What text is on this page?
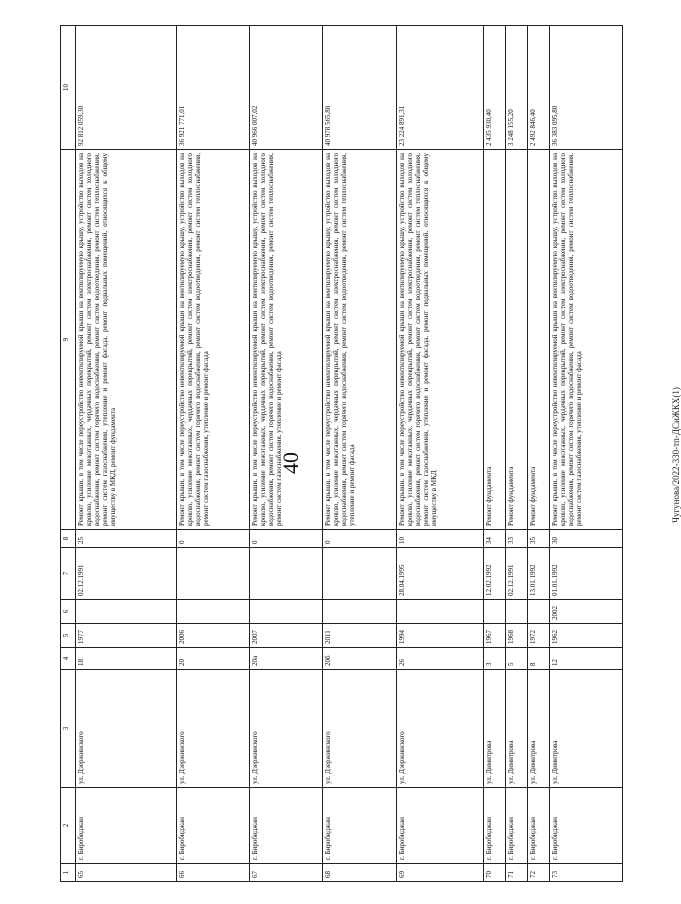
40	Чугунова/2022-330-тп-ДСиЖКХ(1)
1	2	3	4	5	6	7	8	9	10
65	г. Биробиджан	ул. Дзержинского	18	1977		02.12.1991	25	Ремонт крыши, в том числе переустройство невентилируемой крыши на вентилируемую крышу, устройство выходов на кровлю, усиление межэтажных, чердачных перекрытий, ремонт систем электроснабжения, ремонт систем холодного водоснабжения, ремонт систем горячего водоснабжения, ремонт систем водоотведения, ремонт систем теплоснабжения, ремонт систем газоснабжения, утепление и ремонт фасада, ремонт подвальных помещений, относящихся к общему имуществу в МКД, ремонт фундамента	92 812 059,30
66	г. Биробиджан	ул. Дзержинского	20	2006			0	Ремонт крыши, в том числе переустройство невентилируемой крыши на вентилируемую крышу, устройство выходов на кровлю, усиление межэтажных, чердачных перекрытий, ремонт систем электроснабжения, ремонт систем холодного водоснабжения, ремонт систем горячего водоснабжения, ремонт систем водоотведения, ремонт систем теплоснабжения, ремонт систем газоснабжения, утепление и ремонт фасада	36 921 771,01
67	г. Биробиджан	ул. Дзержинского	20а	2007			0	Ремонт крыши, в том числе переустройство невентилируемой крыши на вентилируемую крышу, устройство выходов на кровлю, усиление межэтажных, чердачных перекрытий, ремонт систем электроснабжения, ремонт систем холодного водоснабжения, ремонт систем горячего водоснабжения, ремонт систем водоотведения, ремонт систем теплоснабжения, ремонт систем газоснабжения, утепление и ремонт фасада	40 966 007,02
68	г. Биробиджан	ул. Дзержинского	20б	2011			0	Ремонт крыши, в том числе переустройство невентилируемой крыши на вентилируемую крышу, устройство выходов на кровлю, усиление межэтажных, чердачных перекрытий, ремонт систем электроснабжения, ремонт систем холодного водоснабжения, ремонт систем горячего водоснабжения, ремонт систем водоотведения, ремонт систем теплоснабжения, утепление и ремонт фасада	40 978 565,80
69	г. Биробиджан	ул. Дзержинского	26	1994		28.04.1995	10	Ремонт крыши, в том числе переустройство невентилируемой крыши на вентилируемую крышу, устройство выходов на кровлю, усиление межэтажных, чердачных перекрытий, ремонт систем электроснабжения, ремонт систем холодного водоснабжения, ремонт систем горячего водоснабжения, ремонт систем водоотведения, ремонт систем теплоснабжения, ремонт систем газоснабжения, утепление и ремонт фасада, ремонт подвальных помещений, относящихся к общему имуществу в МКД	23 224 891,31
70	г. Биробиджан	ул. Димитрова	3	1967		12.02.1992	34	Ремонт фундамента	2 435 930,40
71	г. Биробиджан	ул. Димитрова	5	1968		02.12.1991	33	Ремонт фундамента	3 248 155,20
72	г. Биробиджан	ул. Димитрова	8	1972		13.01.1992	35	Ремонт фундамента	2 492 846,40
73	г. Биробиджан	ул. Димитрова	12	1962	2002	01.01.1992	30	Ремонт крыши, в том числе переустройство невентилируемой крыши на вентилируемую крышу, устройство выходов на кровлю, усиление межэтажных, чердачных перекрытий, ремонт систем электроснабжения, ремонт систем холодного водоснабжения, ремонт систем горячего водоснабжения, ремонт систем водоотведения, ремонт систем теплоснабжения, ремонт систем газоснабжения, утепление и ремонт фасада	36 383 095,80
